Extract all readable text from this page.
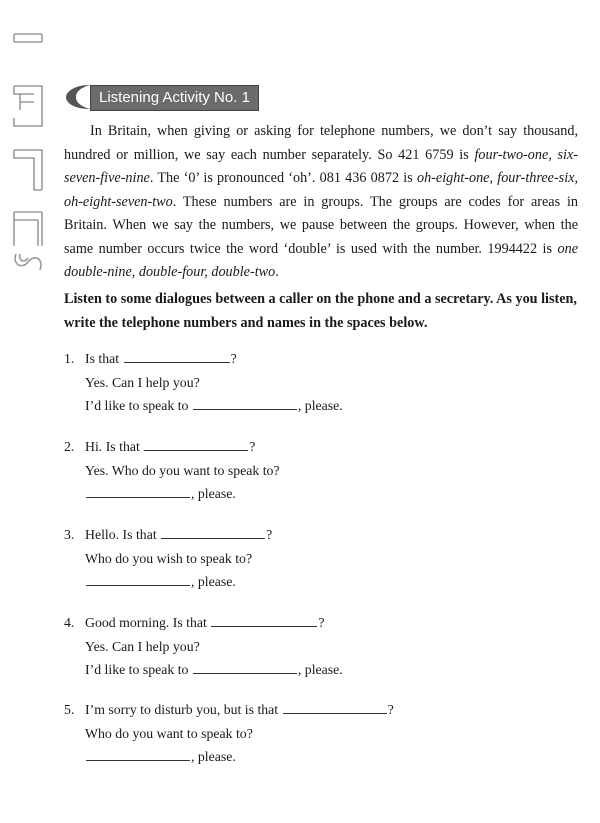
Listening Activity No. 1

In Britain, when giving or asking for telephone numbers, we don’t say thousand, hundred or million, we say each number separately. So 421 6759 is four-two-one, six-seven-five-nine. The ‘0’ is pronounced ‘oh’. 081 436 0872 is oh-eight-one, four-three-six, oh-eight-seven-two. These numbers are in groups. The groups are codes for areas in Britain. When we say the numbers, we pause between the groups. However, when the same number occurs twice the word ‘double’ is used with the number. 1994422 is one double-nine, double-four, double-two.

Listen to some dialogues between a caller on the phone and a secretary. As you listen, write the telephone numbers and names in the spaces below.

1. Is that	?
Yes. Can I help you?
I’d like to speak to	, please.
2. Hi. Is that	?
Yes. Who do you want to speak to?
, please.
3. Hello. Is that	?
Who do you wish to speak to?
, please.
4. Good morning. Is that	?
Yes. Can I help you?
I’d like to speak to	, please.
5. I’m sorry to disturb you, but is that	?
Who do you want to speak to?
, please.
